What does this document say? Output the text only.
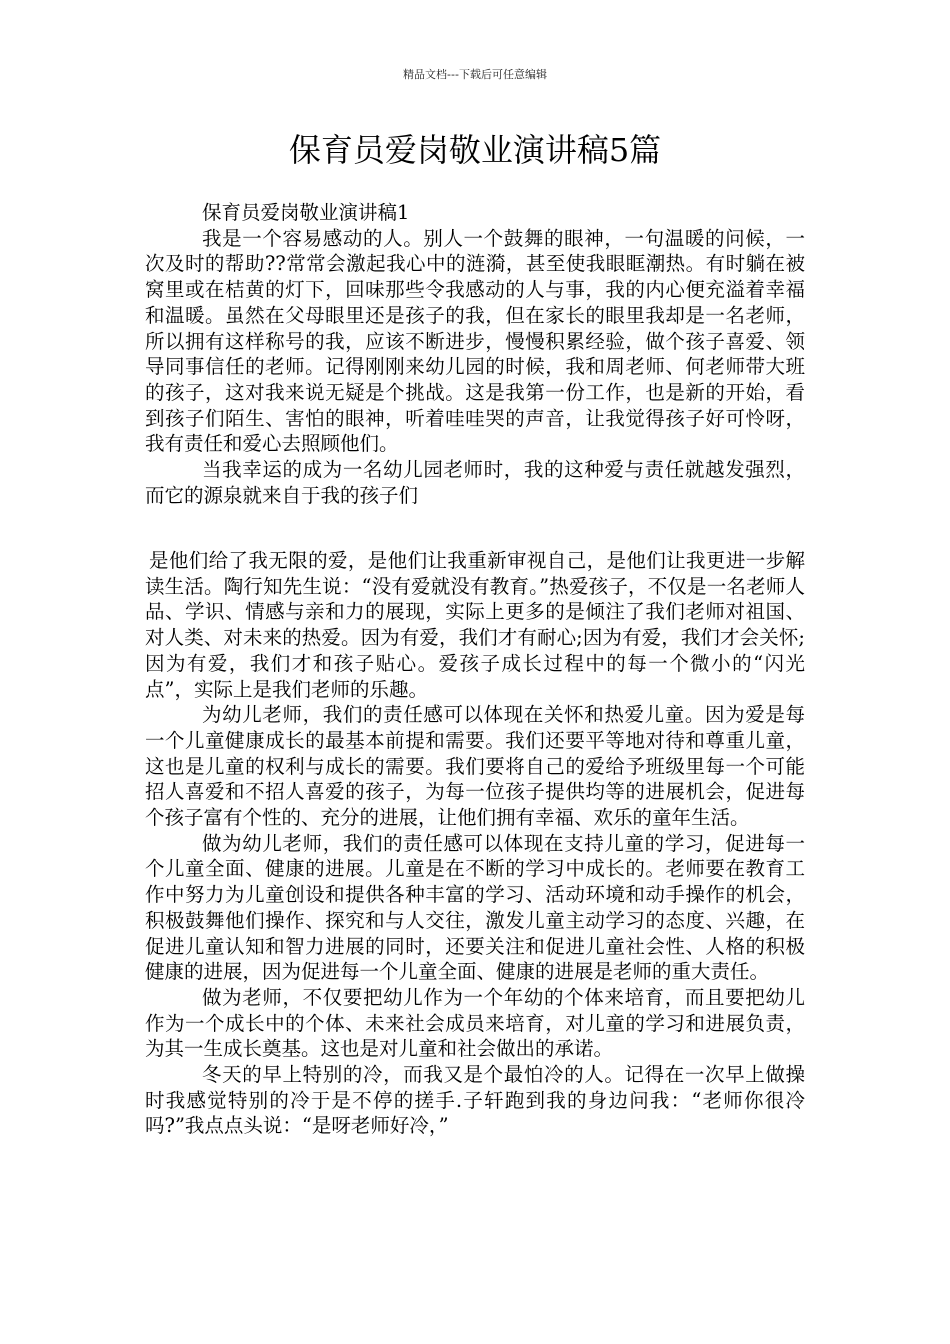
精品文档---下载后可任意编辑
保育员爱岗敬业演讲稿5篇

保育员爱岗敬业演讲稿1

我是一个容易感动的人。别人一个鼓舞的眼神，一句温暖的问候，一次及时的帮助??常常会激起我心中的涟漪，甚至使我眼眶潮热。有时躺在被窝里或在桔黄的灯下，回味那些令我感动的人与事，我的内心便充溢着幸福和温暖。虽然在父母眼里还是孩子的我，但在家长的眼里我却是一名老师，所以拥有这样称号的我，应该不断进步，慢慢积累经验，做个孩子喜爱、领导同事信任的老师。记得刚刚来幼儿园的时候，我和周老师、何老师带大班的孩子，这对我来说无疑是个挑战。这是我第一份工作，也是新的开始，看到孩子们陌生、害怕的眼神，听着哇哇哭的声音，让我觉得孩子好可怜呀，我有责任和爱心去照顾他们。

当我幸运的成为一名幼儿园老师时，我的这种爱与责任就越发强烈，而它的源泉就来自于我的孩子们

是他们给了我无限的爱，是他们让我重新审视自己，是他们让我更进一步解读生活。陶行知先生说：“没有爱就没有教育。”热爱孩子，不仅是一名老师人品、学识、情感与亲和力的展现，实际上更多的是倾注了我们老师对祖国、对人类、对未来的热爱。因为有爱，我们才有耐心;因为有爱，我们才会关怀;因为有爱，我们才和孩子贴心。爱孩子成长过程中的每一个微小的“闪光点”，实际上是我们老师的乐趣。

为幼儿老师，我们的责任感可以体现在关怀和热爱儿童。因为爱是每一个儿童健康成长的最基本前提和需要。我们还要平等地对待和尊重儿童，这也是儿童的权利与成长的需要。我们要将自己的爱给予班级里每一个可能招人喜爱和不招人喜爱的孩子，为每一位孩子提供均等的进展机会，促进每个孩子富有个性的、充分的进展，让他们拥有幸福、欢乐的童年生活。

做为幼儿老师，我们的责任感可以体现在支持儿童的学习，促进每一个儿童全面、健康的进展。儿童是在不断的学习中成长的。老师要在教育工作中努力为儿童创设和提供各种丰富的学习、活动环境和动手操作的机会，积极鼓舞他们操作、探究和与人交往，激发儿童主动学习的态度、兴趣，在促进儿童认知和智力进展的同时，还要关注和促进儿童社会性、人格的积极健康的进展，因为促进每一个儿童全面、健康的进展是老师的重大责任。

做为老师，不仅要把幼儿作为一个年幼的个体来培育，而且要把幼儿作为一个成长中的个体、未来社会成员来培育，对儿童的学习和进展负责，为其一生成长奠基。这也是对儿童和社会做出的承诺。

冬天的早上特别的冷，而我又是个最怕冷的人。记得在一次早上做操时我感觉特别的冷于是不停的搓手.子轩跑到我的身边问我：“老师你很冷吗?”我点点头说：“是呀老师好冷，”
